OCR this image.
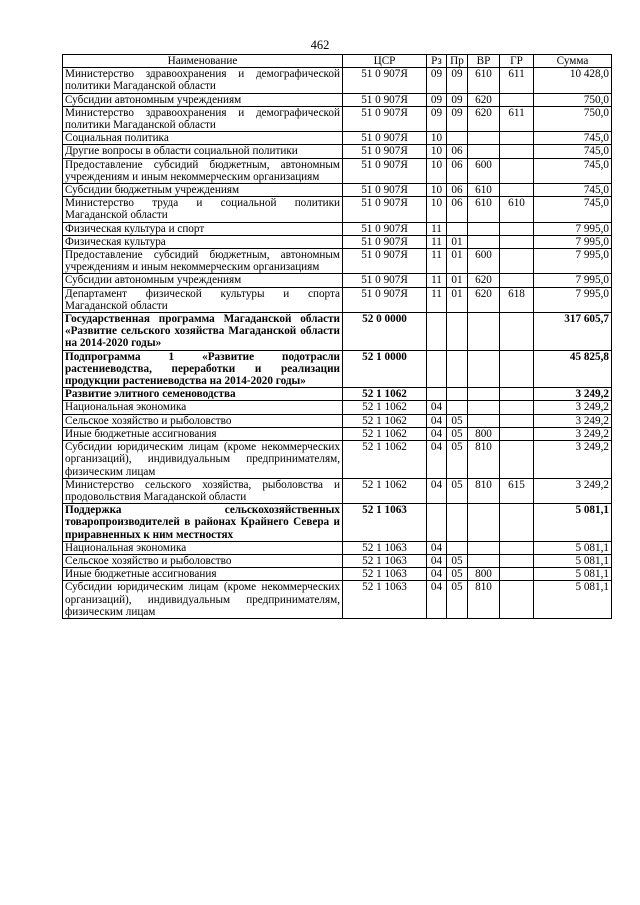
462
Наименование	ЦСР	Рз	Пр	ВР	ГР	Сумма
Министерство здравоохранения и демографической политики Магаданской области	51 0 907Я	09	09	610	611	10 428,0
Субсидии автономным учреждениям	51 0 907Я	09	09	620		750,0
Министерство здравоохранения и демографической политики Магаданской области	51 0 907Я	09	09	620	611	750,0
Социальная политика	51 0 907Я	10				745,0
Другие вопросы в области социальной политики	51 0 907Я	10	06			745,0
Предоставление субсидий бюджетным, автономным учреждениям и иным некоммерческим организациям	51 0 907Я	10	06	600		745,0
Субсидии бюджетным учреждениям	51 0 907Я	10	06	610		745,0
Министерство труда и социальной политики Магаданской области	51 0 907Я	10	06	610	610	745,0
Физическая культура и спорт	51 0 907Я	11				7 995,0
Физическая культура	51 0 907Я	11	01			7 995,0
Предоставление субсидий бюджетным, автономным учреждениям и иным некоммерческим организациям	51 0 907Я	11	01	600		7 995,0
Субсидии автономным учреждениям	51 0 907Я	11	01	620		7 995,0
Департамент физической культуры и спорта Магаданской области	51 0 907Я	11	01	620	618	7 995,0
Государственная программа Магаданской области «Развитие сельского хозяйства Магаданской области на 2014-2020 годы»	52 0 0000					317 605,7
Подпрограмма 1 «Развитие подотрасли растениеводства, переработки и реализации продукции растениеводства на 2014-2020 годы»	52 1 0000					45 825,8
Развитие элитного семеноводства	52 1 1062					3 249,2
Национальная экономика	52 1 1062	04				3 249,2
Сельское хозяйство и рыболовство	52 1 1062	04	05			3 249,2
Иные бюджетные ассигнования	52 1 1062	04	05	800		3 249,2
Субсидии юридическим лицам (кроме некоммерческих организаций), индивидуальным предпринимателям, физическим лицам	52 1 1062	04	05	810		3 249,2
Министерство сельского хозяйства, рыболовства и продовольствия Магаданской области	52 1 1062	04	05	810	615	3 249,2
Поддержка сельскохозяйственных товаропроизводителей в районах Крайнего Севера и приравненных к ним местностях	52 1 1063					5 081,1
Национальная экономика	52 1 1063	04				5 081,1
Сельское хозяйство и рыболовство	52 1 1063	04	05			5 081,1
Иные бюджетные ассигнования	52 1 1063	04	05	800		5 081,1
Субсидии юридическим лицам (кроме некоммерческих организаций), индивидуальным предпринимателям, физическим лицам	52 1 1063	04	05	810		5 081,1
